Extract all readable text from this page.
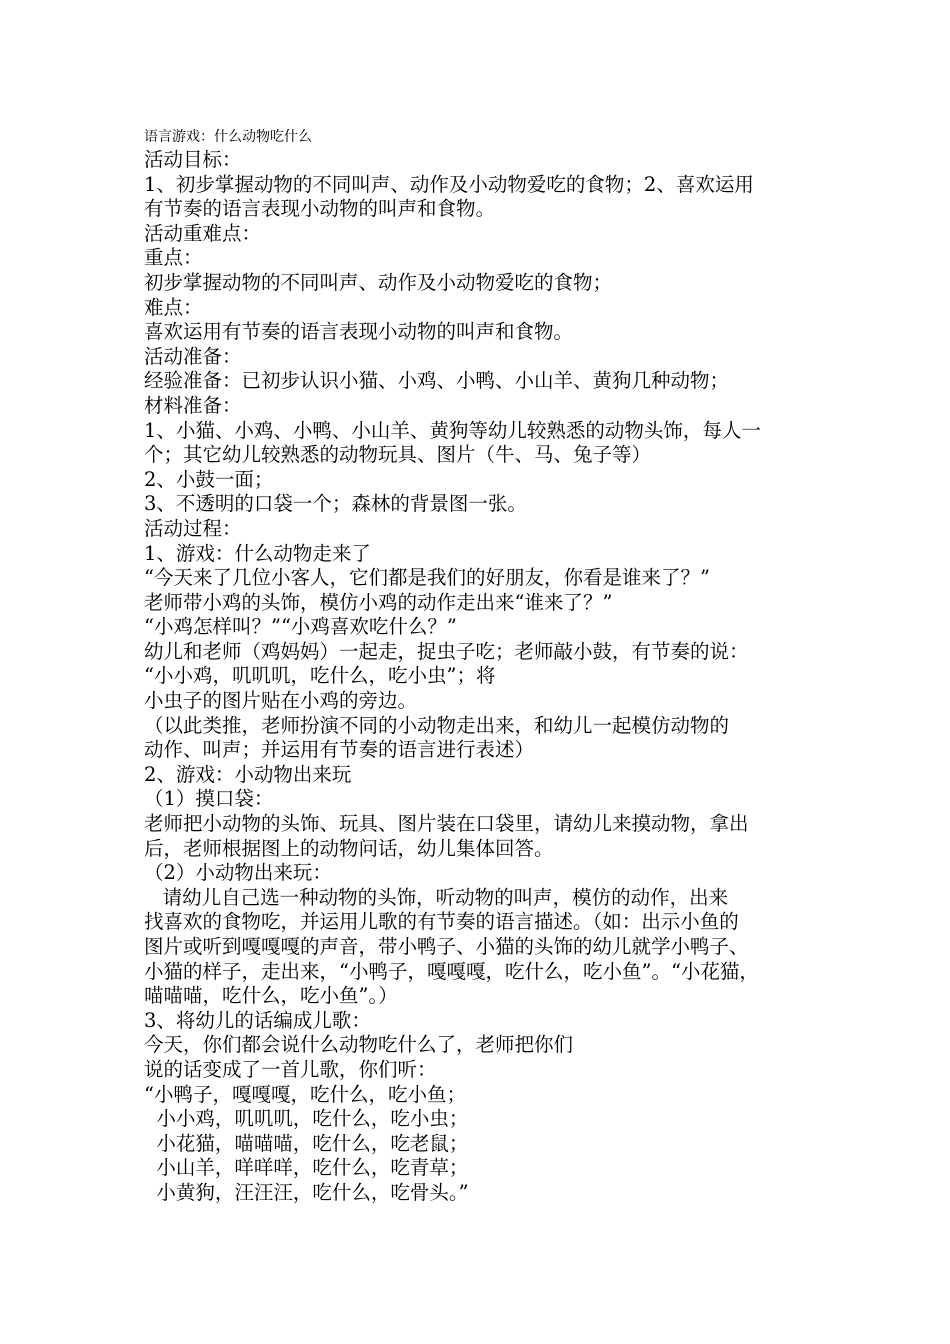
语言游戏：什么动物吃什么

活动目标：

1、初步掌握动物的不同叫声、动作及小动物爱吃的食物；2、喜欢运用

有节奏的语言表现小动物的叫声和食物。

活动重难点：

重点：

初步掌握动物的不同叫声、动作及小动物爱吃的食物；

难点：

喜欢运用有节奏的语言表现小动物的叫声和食物。

活动准备：

经验准备：已初步认识小猫、小鸡、小鸭、小山羊、黄狗几种动物；

材料准备：

1、小猫、小鸡、小鸭、小山羊、黄狗等幼儿较熟悉的动物头饰，每人一

个；其它幼儿较熟悉的动物玩具、图片（牛、马、兔子等）

2、小鼓一面；

3、不透明的口袋一个；森林的背景图一张。

活动过程：

1、游戏：什么动物走来了

“今天来了几位小客人，它们都是我们的好朋友，你看是谁来了？”

老师带小鸡的头饰，模仿小鸡的动作走出来“谁来了？”

“小鸡怎样叫？”“小鸡喜欢吃什么？”

幼儿和老师（鸡妈妈）一起走，捉虫子吃；老师敲小鼓，有节奏的说：

“小小鸡，叽叽叽，吃什么，吃小虫”；将

小虫子的图片贴在小鸡的旁边。

（以此类推，老师扮演不同的小动物走出来，和幼儿一起模仿动物的

动作、叫声；并运用有节奏的语言进行表述）

2、游戏：小动物出来玩

（1）摸口袋：

老师把小动物的头饰、玩具、图片装在口袋里，请幼儿来摸动物，拿出

后，老师根据图上的动物问话，幼儿集体回答。

（2）小动物出来玩：

请幼儿自己选一种动物的头饰，听动物的叫声，模仿的动作，出来

找喜欢的食物吃，并运用儿歌的有节奏的语言描述。（如：出示小鱼的

图片或听到嘎嘎嘎的声音，带小鸭子、小猫的头饰的幼儿就学小鸭子、

小猫的样子，走出来，“小鸭子，嘎嘎嘎，吃什么，吃小鱼”。“小花猫，

喵喵喵，吃什么，吃小鱼”。）

3、将幼儿的话编成儿歌：

今天，你们都会说什么动物吃什么了，老师把你们

说的话变成了一首儿歌，你们听：

“小鸭子，嘎嘎嘎，吃什么，吃小鱼；

小小鸡，叽叽叽，吃什么，吃小虫；

小花猫，喵喵喵，吃什么，吃老鼠；

小山羊，咩咩咩，吃什么，吃青草；

小黄狗，汪汪汪，吃什么，吃骨头。”
